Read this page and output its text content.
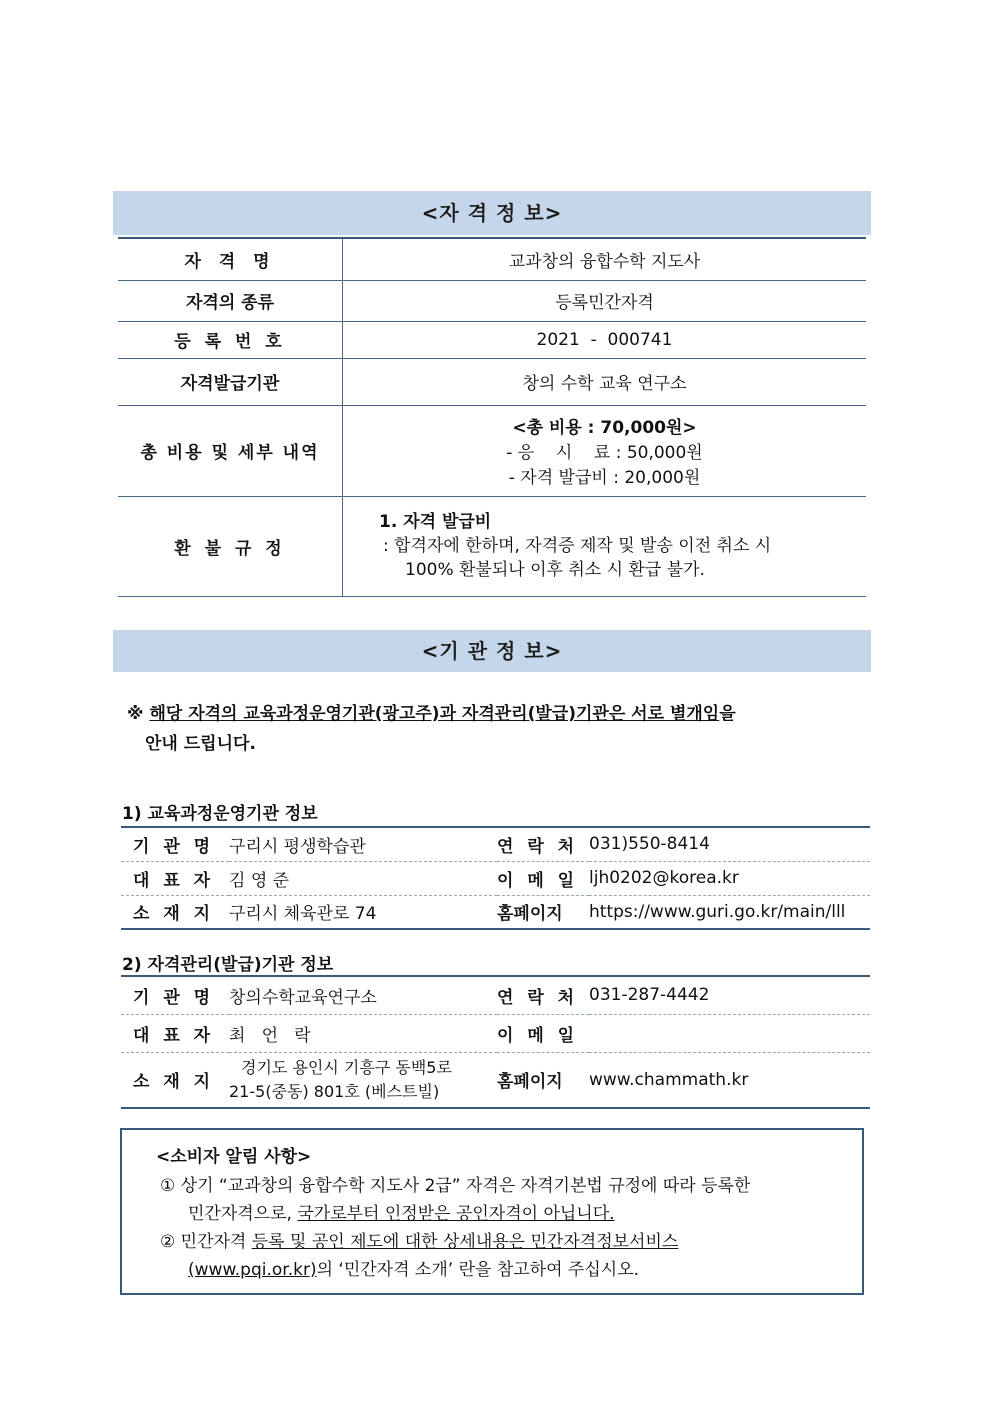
<자 격 정 보>
자 격 명	교과창의 융합수학 지도사
자격의 종류	등록민간자격
등 록 번 호	2021  -  000741
자격발급기관	창의 수학 교육 연구소
총 비용 및 세부 내역	<총 비용 : 70,000원>
- 응    시    료 : 50,000원
- 자격 발급비 : 20,000원

환 불 규 정	1. 자격 발급비
: 합격자에 한하며, 자격증 제작 및 발송 이전 취소 시
100% 환불되나 이후 취소 시 환급 불가.
<기 관 정 보>
※ 해당 자격의 교육과정운영기관(광고주)과 자격관리(발급)기관은 서로 별개임을
안내 드립니다.
1) 교육과정운영기관 정보
기 관 명	구리시 평생학습관	연 락 처	031)550-8414
대 표 자	김 영 준	이 메 일	ljh0202@korea.kr
소 재 지	구리시 체육관로 74	홈페이지	https://www.guri.go.kr/main/lll
2) 자격관리(발급)기관 정보
기 관 명	창의수학교육연구소	연 락 처	031-287-4442
대 표 자	최   언   락	이 메 일	
소 재 지	경기도 용인시 기흥구 동백5로
21-5(중동) 801호 (베스트빌)	홈페이지	www.chammath.kr
<소비자 알림 사항>
① 상기 “교과창의 융합수학 지도사 2급” 자격은 자격기본법 규정에 따라 등록한
민간자격으로, 국가로부터 인정받은 공인자격이 아닙니다.
② 민간자격 등록 및 공인 제도에 대한 상세내용은 민간자격정보서비스
(www.pqi.or.kr)의 ‘민간자격 소개’ 란을 참고하여 주십시오.
